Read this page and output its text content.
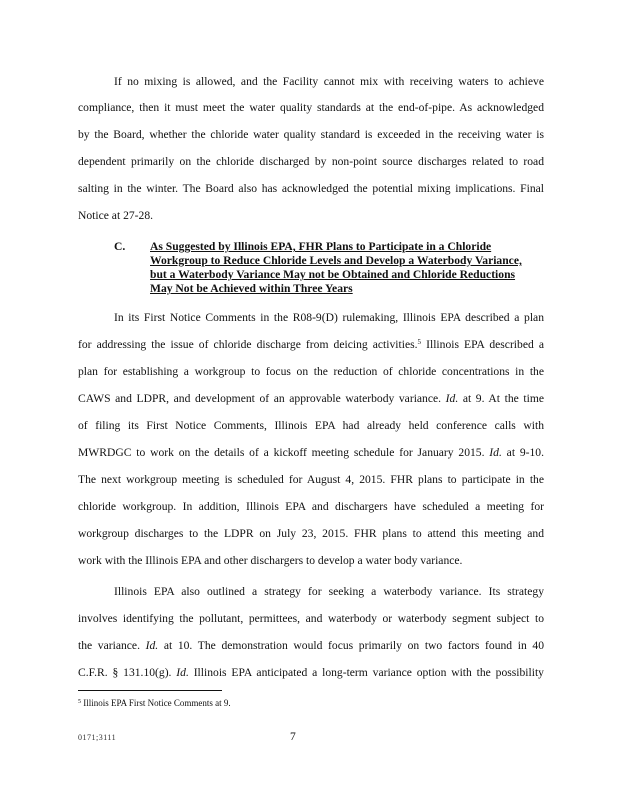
If no mixing is allowed, and the Facility cannot mix with receiving waters to achieve
compliance, then it must meet the water quality standards at the end-of-pipe. As acknowledged
by the Board, whether the chloride water quality standard is exceeded in the receiving water is
dependent primarily on the chloride discharged by non-point source discharges related to road
salting in the winter. The Board also has acknowledged the potential mixing implications. Final
Notice at 27-28.
C. As Suggested by Illinois EPA, FHR Plans to Participate in a Chloride
Workgroup to Reduce Chloride Levels and Develop a Waterbody Variance,
but a Waterbody Variance May not be Obtained and Chloride Reductions
May Not be Achieved within Three Years
In its First Notice Comments in the R08-9(D) rulemaking, Illinois EPA described a plan
for addressing the issue of chloride discharge from deicing activities.$^5$ Illinois EPA described a
plan for establishing a workgroup to focus on the reduction of chloride concentrations in the
CAWS and LDPR, and development of an approvable waterbody variance. Id. at 9. At the time
of filing its First Notice Comments, Illinois EPA had already held conference calls with
MWRDGC to work on the details of a kickoff meeting schedule for January 2015. Id. at 9-10.
The next workgroup meeting is scheduled for August 4, 2015. FHR plans to participate in the
chloride workgroup. In addition, Illinois EPA and dischargers have scheduled a meeting for
workgroup discharges to the LDPR on July 23, 2015. FHR plans to attend this meeting and
work with the Illinois EPA and other dischargers to develop a water body variance.
Illinois EPA also outlined a strategy for seeking a waterbody variance. Its strategy
involves identifying the pollutant, permittees, and waterbody or waterbody segment subject to
the variance. Id. at 10. The demonstration would focus primarily on two factors found in 40
C.F.R. § 131.10(g). Id. Illinois EPA anticipated a long-term variance option with the possibility
$^5$ Illinois EPA First Notice Comments at 9.
0171;3111	7
